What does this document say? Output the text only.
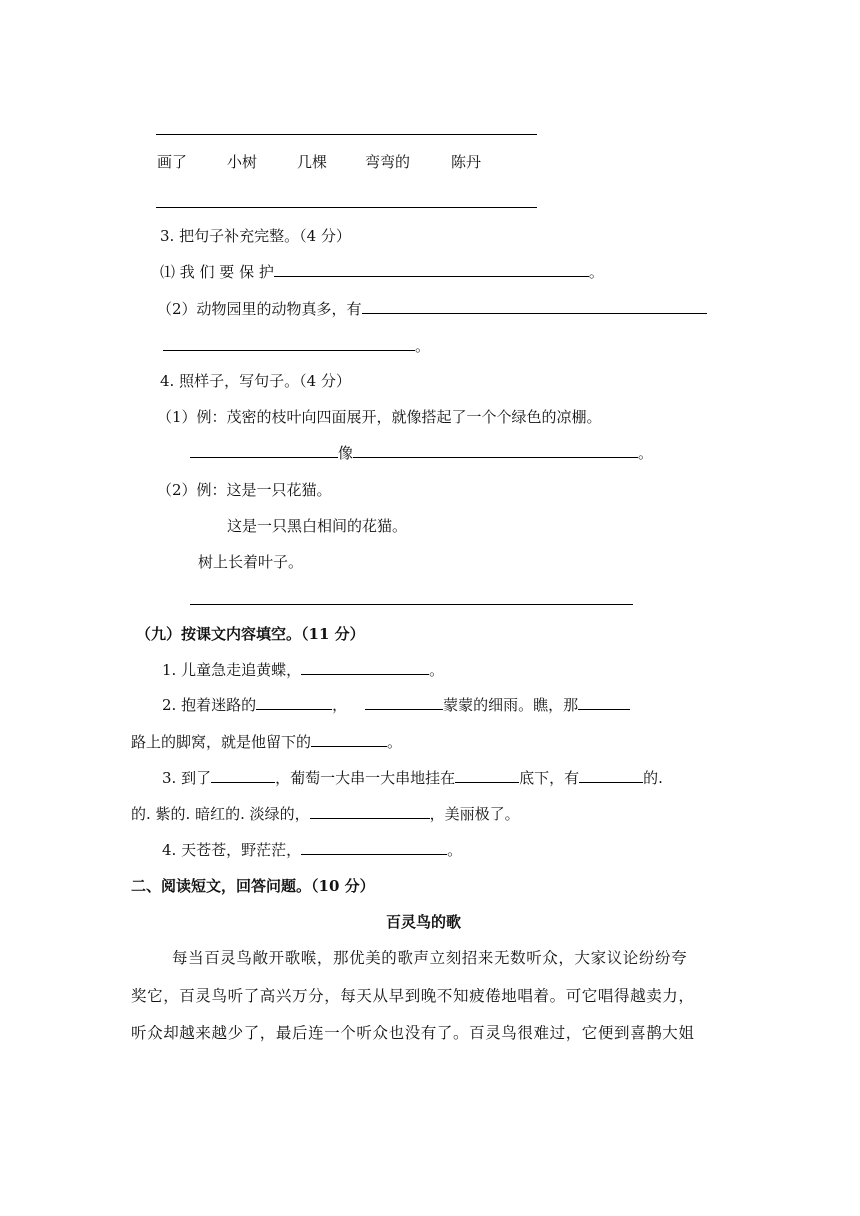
画了	小树	几棵	弯弯的	陈丹
3. 把句子补充完整。（4 分）
⑴ 我 们 要 保 护	。
（2）动物园里的动物真多，有
。
4. 照样子，写句子。（4 分）
（1）例：茂密的枝叶向四面展开，就像搭起了一个个绿色的凉棚。
像	。
（2）例：这是一只花猫。
这是一只黑白相间的花猫。
树上长着叶子。
（九）按课文内容填空。（11 分）
1. 儿童急走追黄蝶，	。
2. 抱着迷路的	，	蒙蒙的细雨。瞧，那
路上的脚窝，就是他留下的	。
3. 到了	，葡萄一大串一大串地挂在	底下，有	的.
的. 紫的. 暗红的. 淡绿的，	，美丽极了。
4. 天苍苍，野茫茫，	。
二、阅读短文，回答问题。（10 分）
百灵鸟的歌
每当百灵鸟敞开歌喉，那优美的歌声立刻招来无数听众，大家议论纷纷夸
奖它，百灵鸟听了高兴万分，每天从早到晚不知疲倦地唱着。可它唱得越卖力，
听众却越来越少了，最后连一个听众也没有了。百灵鸟很难过，它便到喜鹊大姐
